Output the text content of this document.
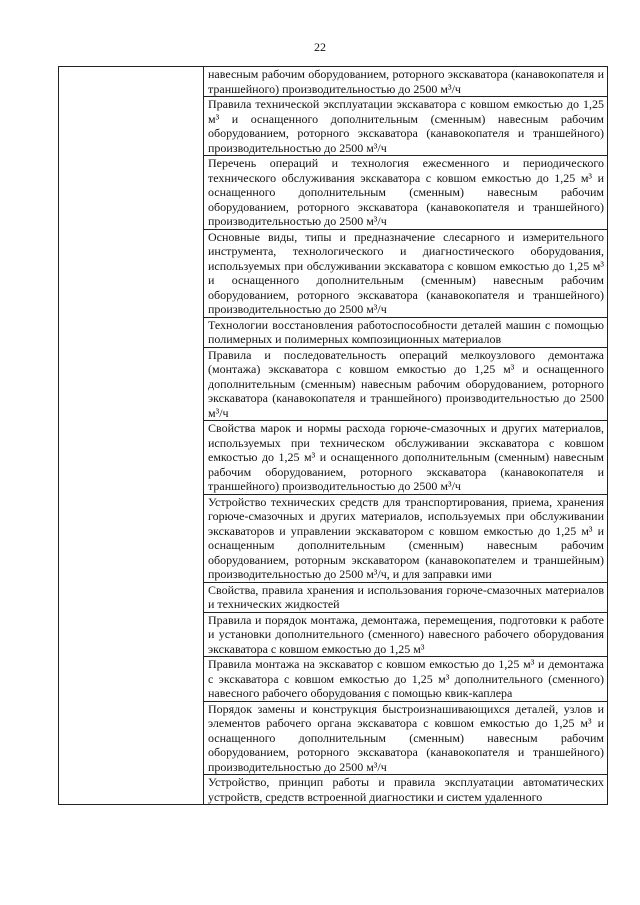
22
	навесным рабочим оборудованием, роторного экскаватора (канавокопателя и траншейного) производительностью до 2500 м³/ч
Правила технической эксплуатации экскаватора с ковшом емкостью до 1,25 м³ и оснащенного дополнительным (сменным) навесным рабочим оборудованием, роторного экскаватора (канавокопателя и траншейного) производительностью до 2500 м³/ч
Перечень операций и технология ежесменного и периодического технического обслуживания экскаватора с ковшом емкостью до 1,25 м³ и оснащенного дополнительным (сменным) навесным рабочим оборудованием, роторного экскаватора (канавокопателя и траншейного) производительностью до 2500 м³/ч
Основные виды, типы и предназначение слесарного и измерительного инструмента, технологического и диагностического оборудования, используемых при обслуживании экскаватора с ковшом емкостью до 1,25 м³ и оснащенного дополнительным (сменным) навесным рабочим оборудованием, роторного экскаватора (канавокопателя и траншейного) производительностью до 2500 м³/ч
Технологии восстановления работоспособности деталей машин с помощью полимерных и полимерных композиционных материалов
Правила и последовательность операций мелкоузлового демонтажа (монтажа) экскаватора с ковшом емкостью до 1,25 м³ и оснащенного дополнительным (сменным) навесным рабочим оборудованием, роторного экскаватора (канавокопателя и траншейного) производительностью до 2500 м³/ч
Свойства марок и нормы расхода горюче-смазочных и других материалов, используемых при техническом обслуживании экскаватора с ковшом емкостью до 1,25 м³ и оснащенного дополнительным (сменным) навесным рабочим оборудованием, роторного экскаватора (канавокопателя и траншейного) производительностью до 2500 м³/ч
Устройство технических средств для транспортирования, приема, хранения горюче-смазочных и других материалов, используемых при обслуживании экскаваторов и управлении экскаватором с ковшом емкостью до 1,25 м³ и оснащенным дополнительным (сменным) навесным рабочим оборудованием, роторным экскаватором (канавокопателем и траншейным) производительностью до 2500 м³/ч, и для заправки ими
Свойства, правила хранения и использования горюче-смазочных материалов и технических жидкостей
Правила и порядок монтажа, демонтажа, перемещения, подготовки к работе и установки дополнительного (сменного) навесного рабочего оборудования экскаватора с ковшом емкостью до 1,25 м³
Правила монтажа на экскаватор с ковшом емкостью до 1,25 м³ и демонтажа с экскаватора с ковшом емкостью до 1,25 м³ дополнительного (сменного) навесного рабочего оборудования с помощью квик-каплера
Порядок замены и конструкция быстроизнашивающихся деталей, узлов и элементов рабочего органа экскаватора с ковшом емкостью до 1,25 м³ и оснащенного дополнительным (сменным) навесным рабочим оборудованием, роторного экскаватора (канавокопателя и траншейного) производительностью до 2500 м³/ч
Устройство, принцип работы и правила эксплуатации автоматических устройств, средств встроенной диагностики и систем удаленного
